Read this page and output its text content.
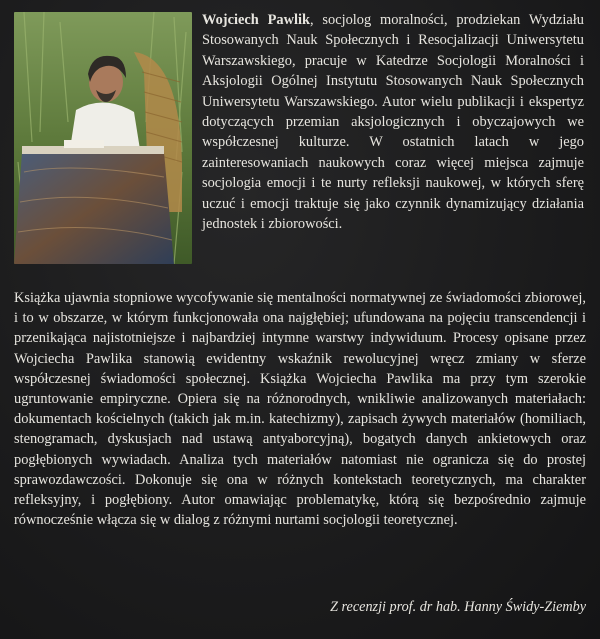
Wojciech Pawlik, socjolog moralności, prodziekan Wydziału Stosowanych Nauk Społecznych i Resocjalizacji Uniwersytetu Warszawskiego, pracuje w Katedrze Socjologii Moralności i Aksjologii Ogólnej Instytutu Stosowanych Nauk Społecznych Uniwersytetu Warszawskiego. Autor wielu publikacji i ekspertyz dotyczących przemian aksjologicznych i obyczajowych we współczesnej kulturze. W ostatnich latach w jego zainteresowaniach naukowych coraz więcej miejsca zajmuje socjologia emocji i te nurty refleksji naukowej, w których sferę uczuć i emocji traktuje się jako czynnik dynamizujący działania jednostek i zbiorowości.

Książka ujawnia stopniowe wycofywanie się mentalności normatywnej ze świadomości zbiorowej, i to w obszarze, w którym funkcjonowała ona najgłębiej; ufundowana na pojęciu transcendencji i przenikająca najistotniejsze i najbardziej intymne warstwy indywiduum. Procesy opisane przez Wojciecha Pawlika stanowią ewidentny wskaźnik rewolucyjnej wręcz zmiany w sferze współczesnej świadomości społecznej. Książka Wojciecha Pawlika ma przy tym szerokie ugruntowanie empiryczne. Opiera się na różnorodnych, wnikliwie analizowanych materiałach: dokumentach kościelnych (takich jak m.in. katechizmy), zapisach żywych materiałów (homiliach, stenogramach, dyskusjach nad ustawą antyaborcyjną), bogatych danych ankietowych oraz pogłębionych wywiadach. Analiza tych materiałów natomiast nie ogranicza się do prostej sprawozdawczości. Dokonuje się ona w różnych kontekstach teoretycznych, ma charakter refleksyjny, i pogłębiony. Autor omawiając problematykę, którą się bezpośrednio zajmuje równocześnie włącza się w dialog z różnymi nurtami socjologii teoretycznej.

Z recenzji prof. dr hab. Hanny Świdy-Ziemby
